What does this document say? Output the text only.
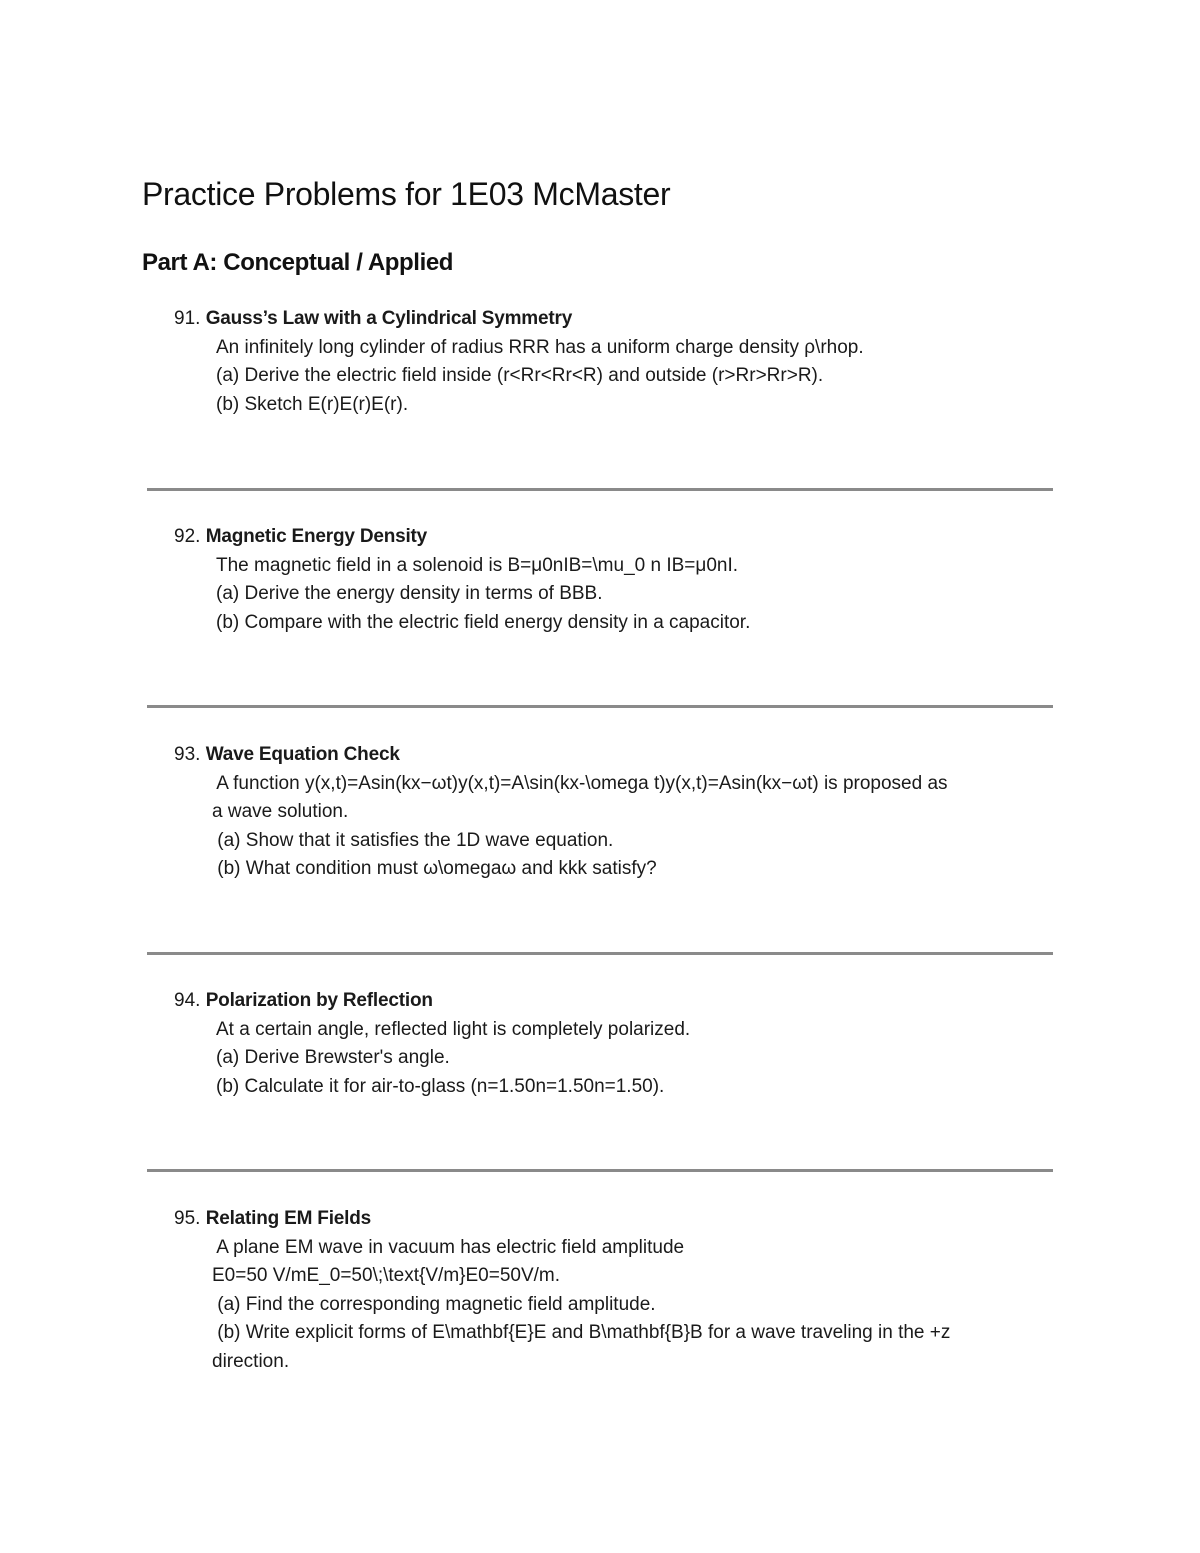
Practice Problems for 1E03 McMaster
Part A: Conceptual / Applied
91. Gauss’s Law with a Cylindrical Symmetry
An infinitely long cylinder of radius RRR has a uniform charge density ρ\rhop.
(a) Derive the electric field inside (r<Rr<Rr<R) and outside (r>Rr>Rr>R).
(b) Sketch E(r)E(r)E(r).
92. Magnetic Energy Density
The magnetic field in a solenoid is B=μ0nIB=\mu_0 n IB=μ0nI.
(a) Derive the energy density in terms of BBB.
(b) Compare with the electric field energy density in a capacitor.
93. Wave Equation Check
A function y(x,t)=Asin(kx−ωt)y(x,t)=A\sin(kx-\omega t)y(x,t)=Asin(kx−ωt) is proposed as
a wave solution.
(a) Show that it satisfies the 1D wave equation.
(b) What condition must ω\omegaω and kkk satisfy?
94. Polarization by Reflection
At a certain angle, reflected light is completely polarized.
(a) Derive Brewster's angle.
(b) Calculate it for air-to-glass (n=1.50n=1.50n=1.50).
95. Relating EM Fields
A plane EM wave in vacuum has electric field amplitude
E0=50 V/mE_0=50\;\text{V/m}E0=50V/m.
(a) Find the corresponding magnetic field amplitude.
(b) Write explicit forms of E\mathbf{E}E and B\mathbf{B}B for a wave traveling in the +z
direction.
